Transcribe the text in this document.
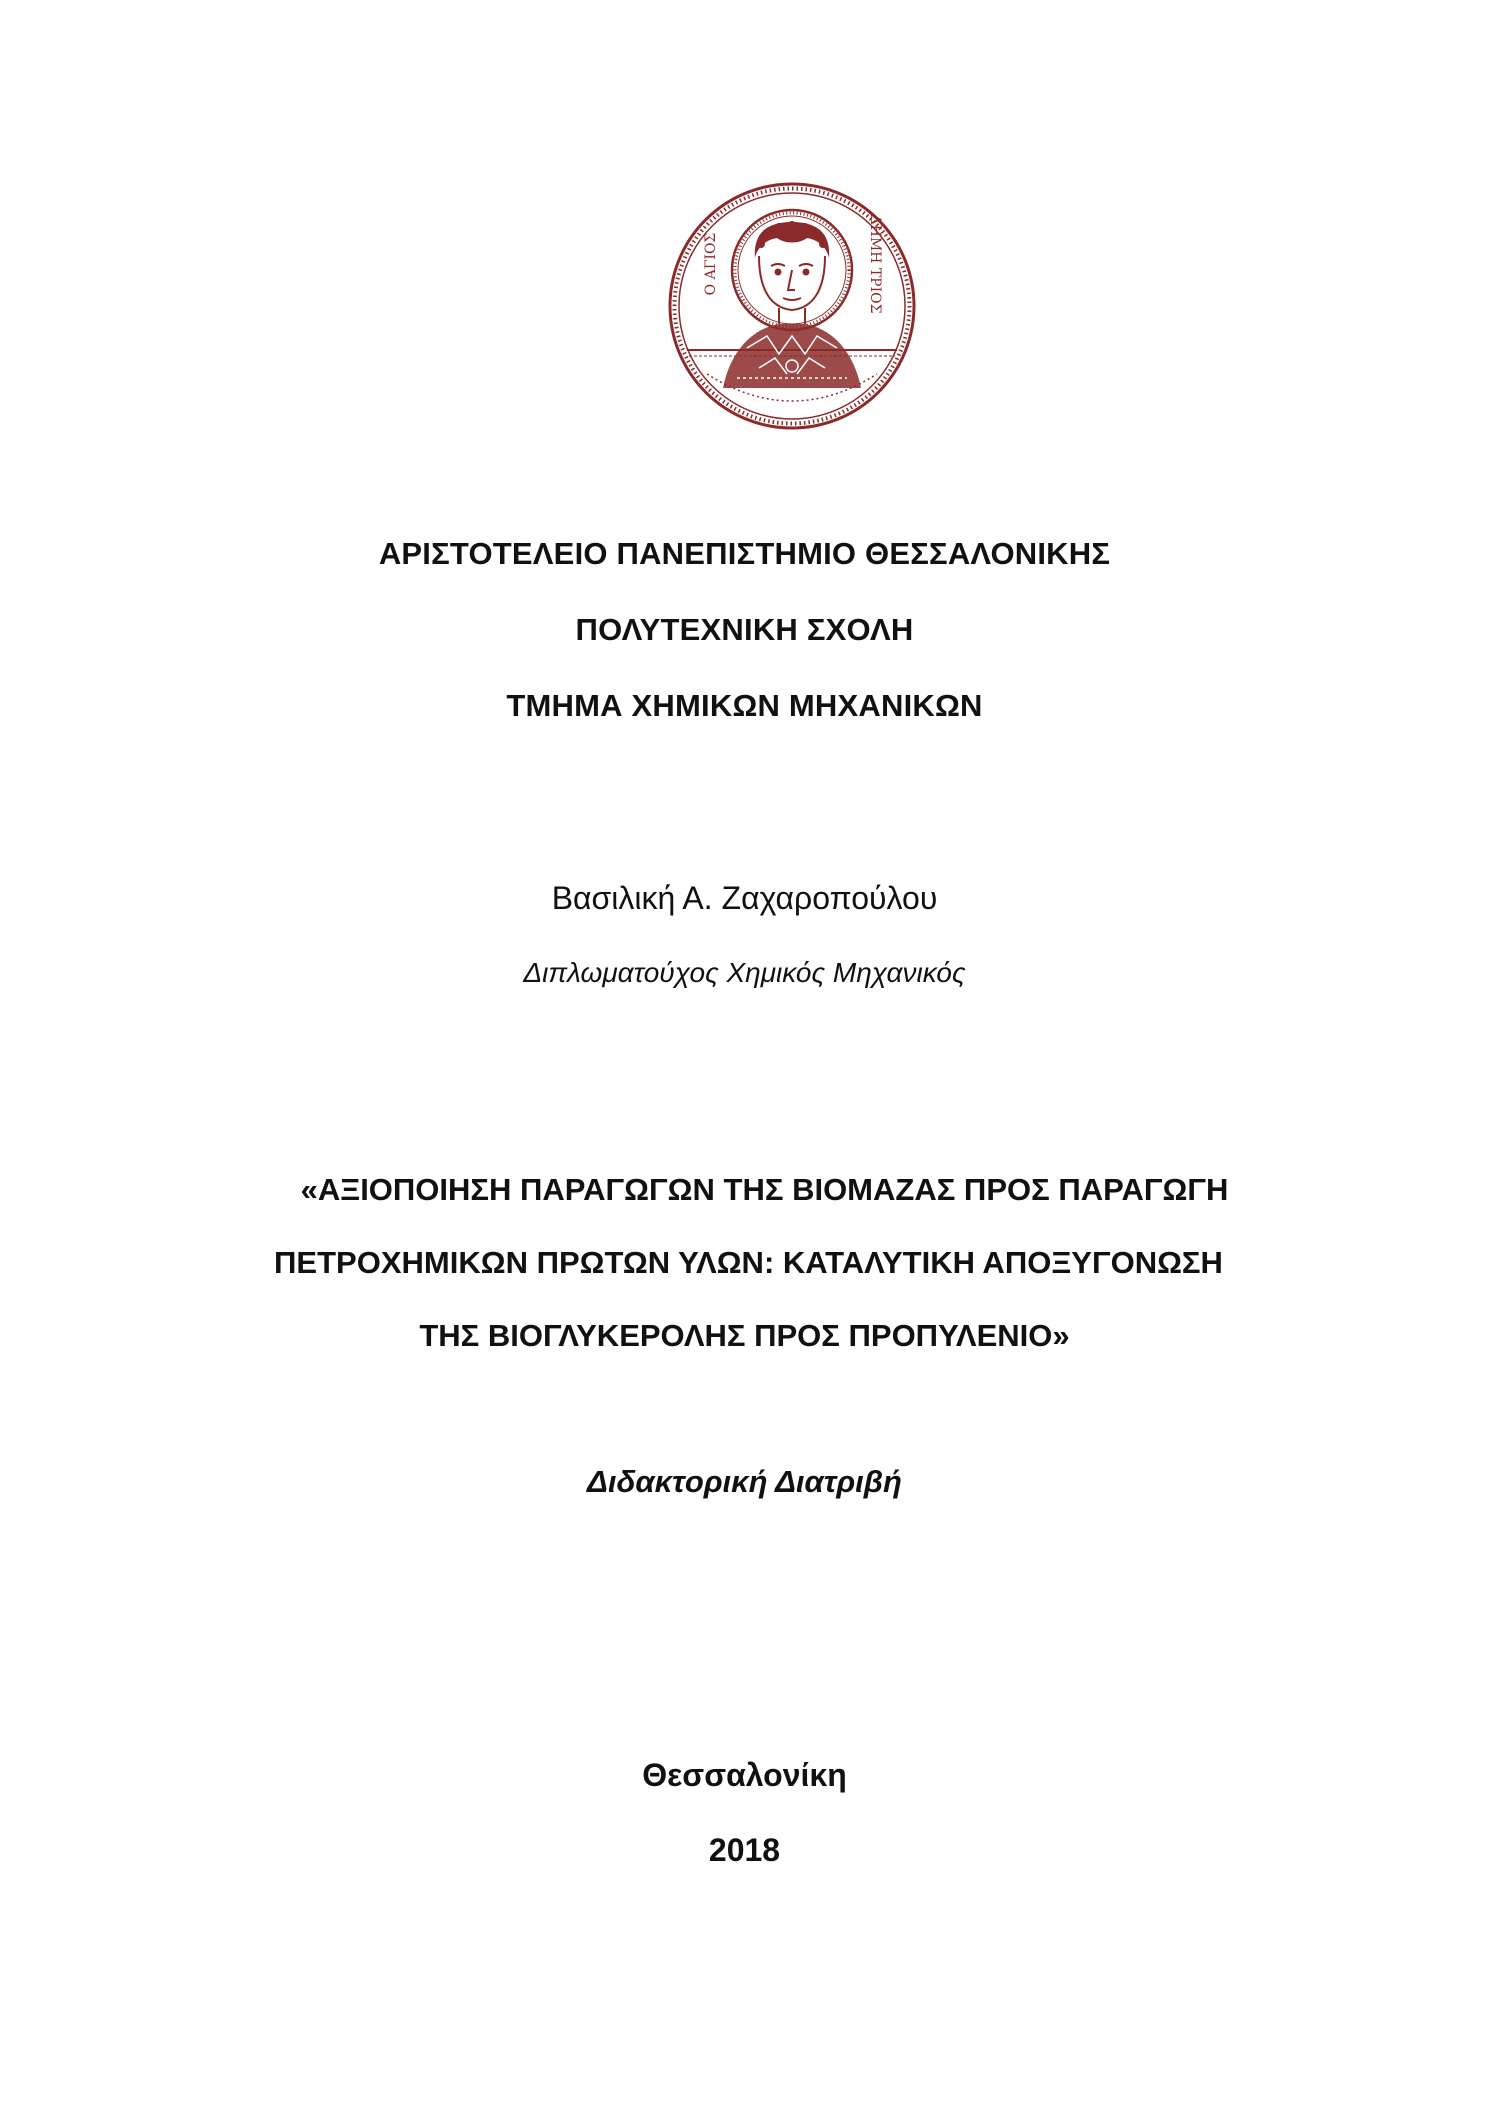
Ο ΑΓΙΟΣ	ΔΗΜΗ ΤΡΙΟΣ
ΑΡΙΣΤΟΤΕΛΕΙΟ ΠΑΝΕΠΙΣΤΗΜΙΟ ΘΕΣΣΑΛΟΝΙΚΗΣ
ΠΟΛΥΤΕΧΝΙΚΗ ΣΧΟΛΗ
ΤΜΗΜΑ ΧΗΜΙΚΩΝ ΜΗΧΑΝΙΚΩΝ
Βασιλική Α. Ζαχαροπούλου
Διπλωματούχος Χημικός Μηχανικός
«ΑΞΙΟΠΟΙΗΣΗ ΠΑΡΑΓΩΓΩΝ ΤΗΣ ΒΙΟΜΑΖΑΣ ΠΡΟΣ ΠΑΡΑΓΩΓΗ
ΠΕΤΡΟΧΗΜΙΚΩΝ ΠΡΩΤΩΝ ΥΛΩΝ: ΚΑΤΑΛΥΤΙΚΗ ΑΠΟΞΥΓΟΝΩΣΗ
ΤΗΣ ΒΙΟΓΛΥΚΕΡΟΛΗΣ ΠΡΟΣ ΠΡΟΠΥΛΕΝΙΟ»
Διδακτορική Διατριβή
Θεσσαλονίκη
2018
